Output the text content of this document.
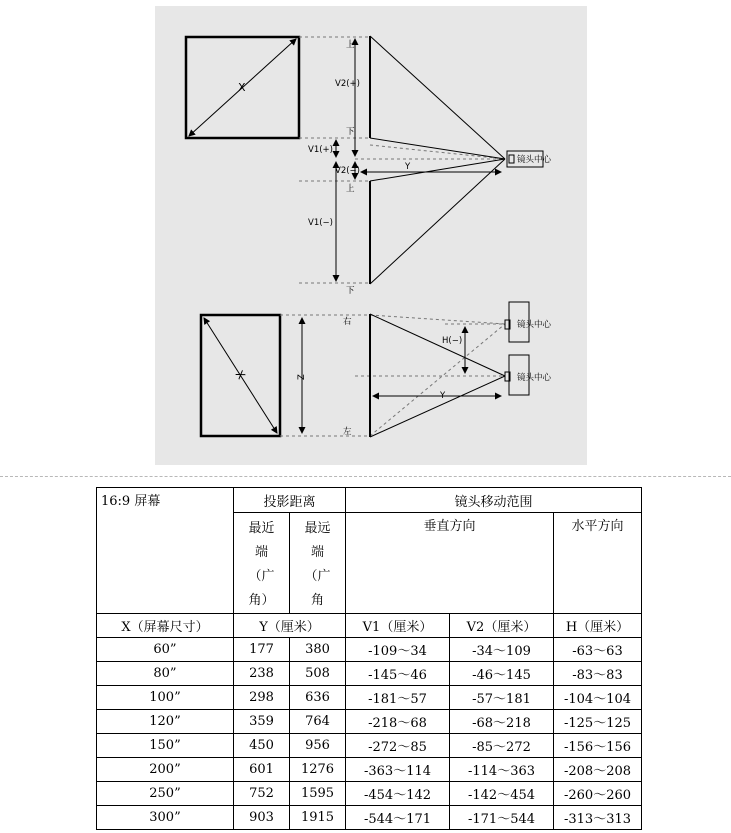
X	V2(+)
V1(+)
V2(−)
V1(−)
Y
上
下
上
下
镜头中心
X	Z
H(−)
Y
右
左
镜头中心
镜头中心
16:9 屏幕	投影距离		镜头移动范围		

	最近
端
（广
角）	最远
端
（广
角	垂直方向		水平方向
X（屏幕尺寸）	Y（厘米）		V1（厘米）	V2（厘米）	H（厘米）
60”	177	380	-109～34	-34～109	-63～63
80”	238	508	-145～46	-46～145	-83～83
100”	298	636	-181～57	-57～181	-104～104
120”	359	764	-218～68	-68～218	-125～125
150”	450	956	-272～85	-85～272	-156～156
200”	601	1276	-363～114	-114～363	-208～208
250”	752	1595	-454～142	-142～454	-260～260
300”	903	1915	-544～171	-171～544	-313～313
